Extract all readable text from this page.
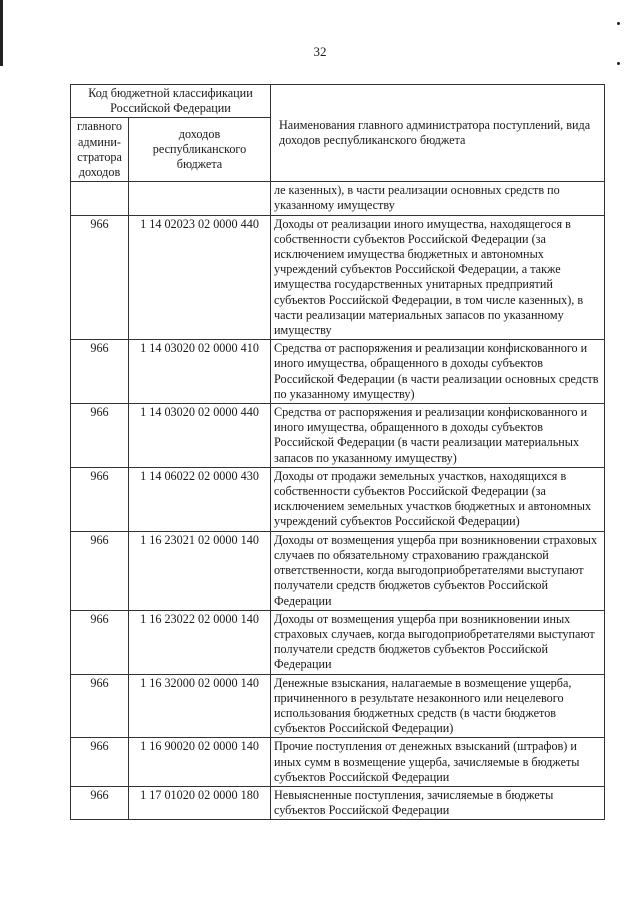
32
Код бюджетной классификации Российской Федерации		Наименования главного администратора поступлений, вида доходов республиканского бюджета
главного админи-стратора доходов	доходов республиканского бюджета	
		ле казенных), в части реализации основных средств по указанному имуществу
966	1 14 02023 02 0000 440	Доходы от реализации иного имущества, находящегося в собственности субъектов Российской Федерации (за исключением имущества бюджетных и автономных учреждений субъектов Российской Федерации, а также имущества государственных унитарных предприятий субъектов Российской Федерации, в том числе казенных), в части реализации материальных запасов по указанному имуществу
966	1 14 03020 02 0000 410	Средства от распоряжения и реализации конфискованного и иного имущества, обращенного в доходы субъектов Российской Федерации (в части реализации основных средств по указанному имуществу)
966	1 14 03020 02 0000 440	Средства от распоряжения и реализации конфискованного и иного имущества, обращенного в доходы субъектов Российской Федерации (в части реализации материальных запасов по указанному имуществу)
966	1 14 06022 02 0000 430	Доходы от продажи земельных участков, находящихся в собственности субъектов Российской Федерации (за исключением земельных участков бюджетных и автономных учреждений субъектов Российской Федерации)
966	1 16 23021 02 0000 140	Доходы от возмещения ущерба при возникновении страховых случаев по обязательному страхованию гражданской ответственности, когда выгодоприобретателями выступают получатели средств бюджетов субъектов Российской Федерации
966	1 16 23022 02 0000 140	Доходы от возмещения ущерба при возникновении иных страховых случаев, когда выгодоприобретателями выступают получатели средств бюджетов субъектов Российской Федерации
966	1 16 32000 02 0000 140	Денежные взыскания, налагаемые в возмещение ущерба, причиненного в результате незаконного или нецелевого использования бюджетных средств (в части бюджетов субъектов Российской Федерации)
966	1 16 90020 02 0000 140	Прочие поступления от денежных взысканий (штрафов) и иных сумм в возмещение ущерба, зачисляемые в бюджеты субъектов Российской Федерации
966	1 17 01020 02 0000 180	Невыясненные поступления, зачисляемые в бюджеты субъектов Российской Федерации
